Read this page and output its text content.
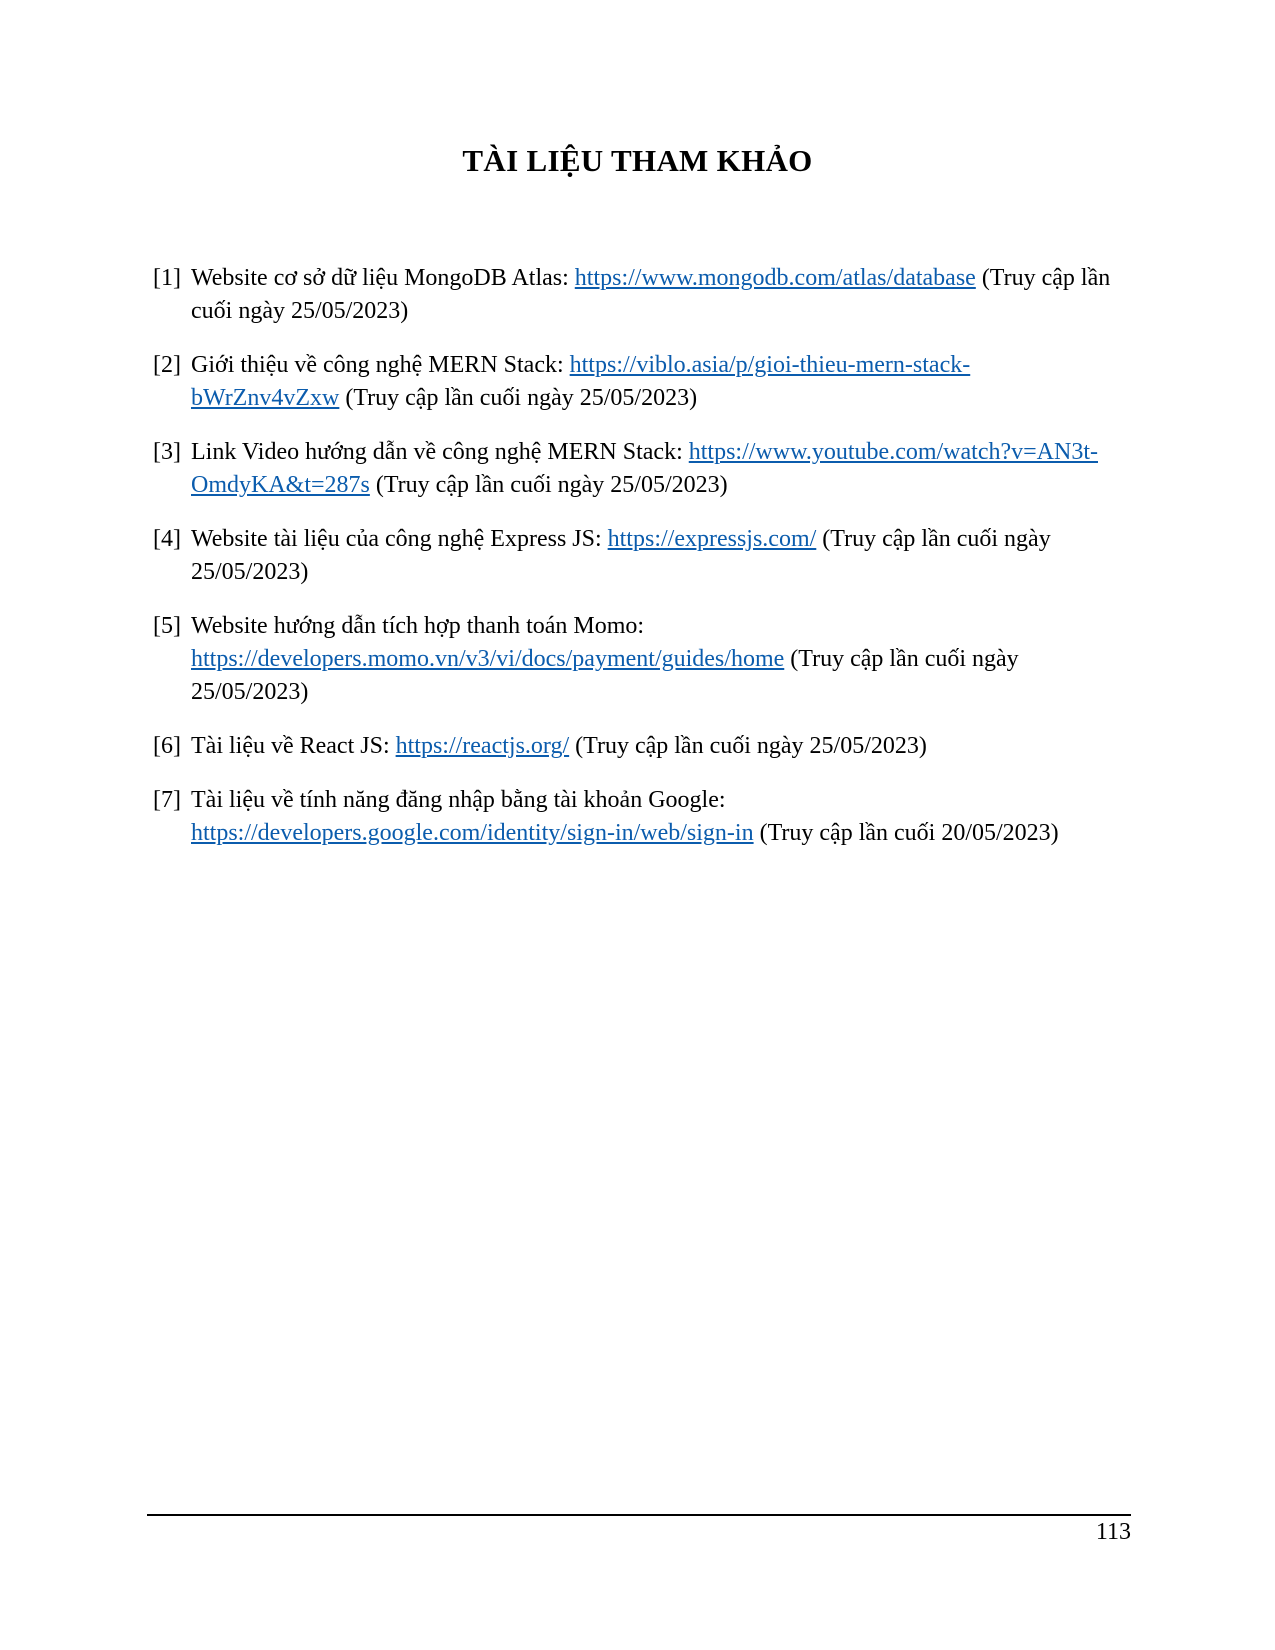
TÀI LIỆU THAM KHẢO
[1] Website cơ sở dữ liệu MongoDB Atlas: https://www.mongodb.com/atlas/database (Truy cập lần cuối ngày 25/05/2023)
[2] Giới thiệu về công nghệ MERN Stack: https://viblo.asia/p/gioi-thieu-mern-stack-bWrZnv4vZxw (Truy cập lần cuối ngày 25/05/2023)
[3] Link Video hướng dẫn về công nghệ MERN Stack: https://www.youtube.com/watch?v=AN3t-OmdyKA&t=287s (Truy cập lần cuối ngày 25/05/2023)
[4] Website tài liệu của công nghệ Express JS: https://expressjs.com/ (Truy cập lần cuối ngày 25/05/2023)
[5] Website hướng dẫn tích hợp thanh toán Momo: https://developers.momo.vn/v3/vi/docs/payment/guides/home (Truy cập lần cuối ngày 25/05/2023)
[6] Tài liệu về React JS: https://reactjs.org/ (Truy cập lần cuối ngày 25/05/2023)
[7] Tài liệu về tính năng đăng nhập bằng tài khoản Google: https://developers.google.com/identity/sign-in/web/sign-in (Truy cập lần cuối 20/05/2023)
113
